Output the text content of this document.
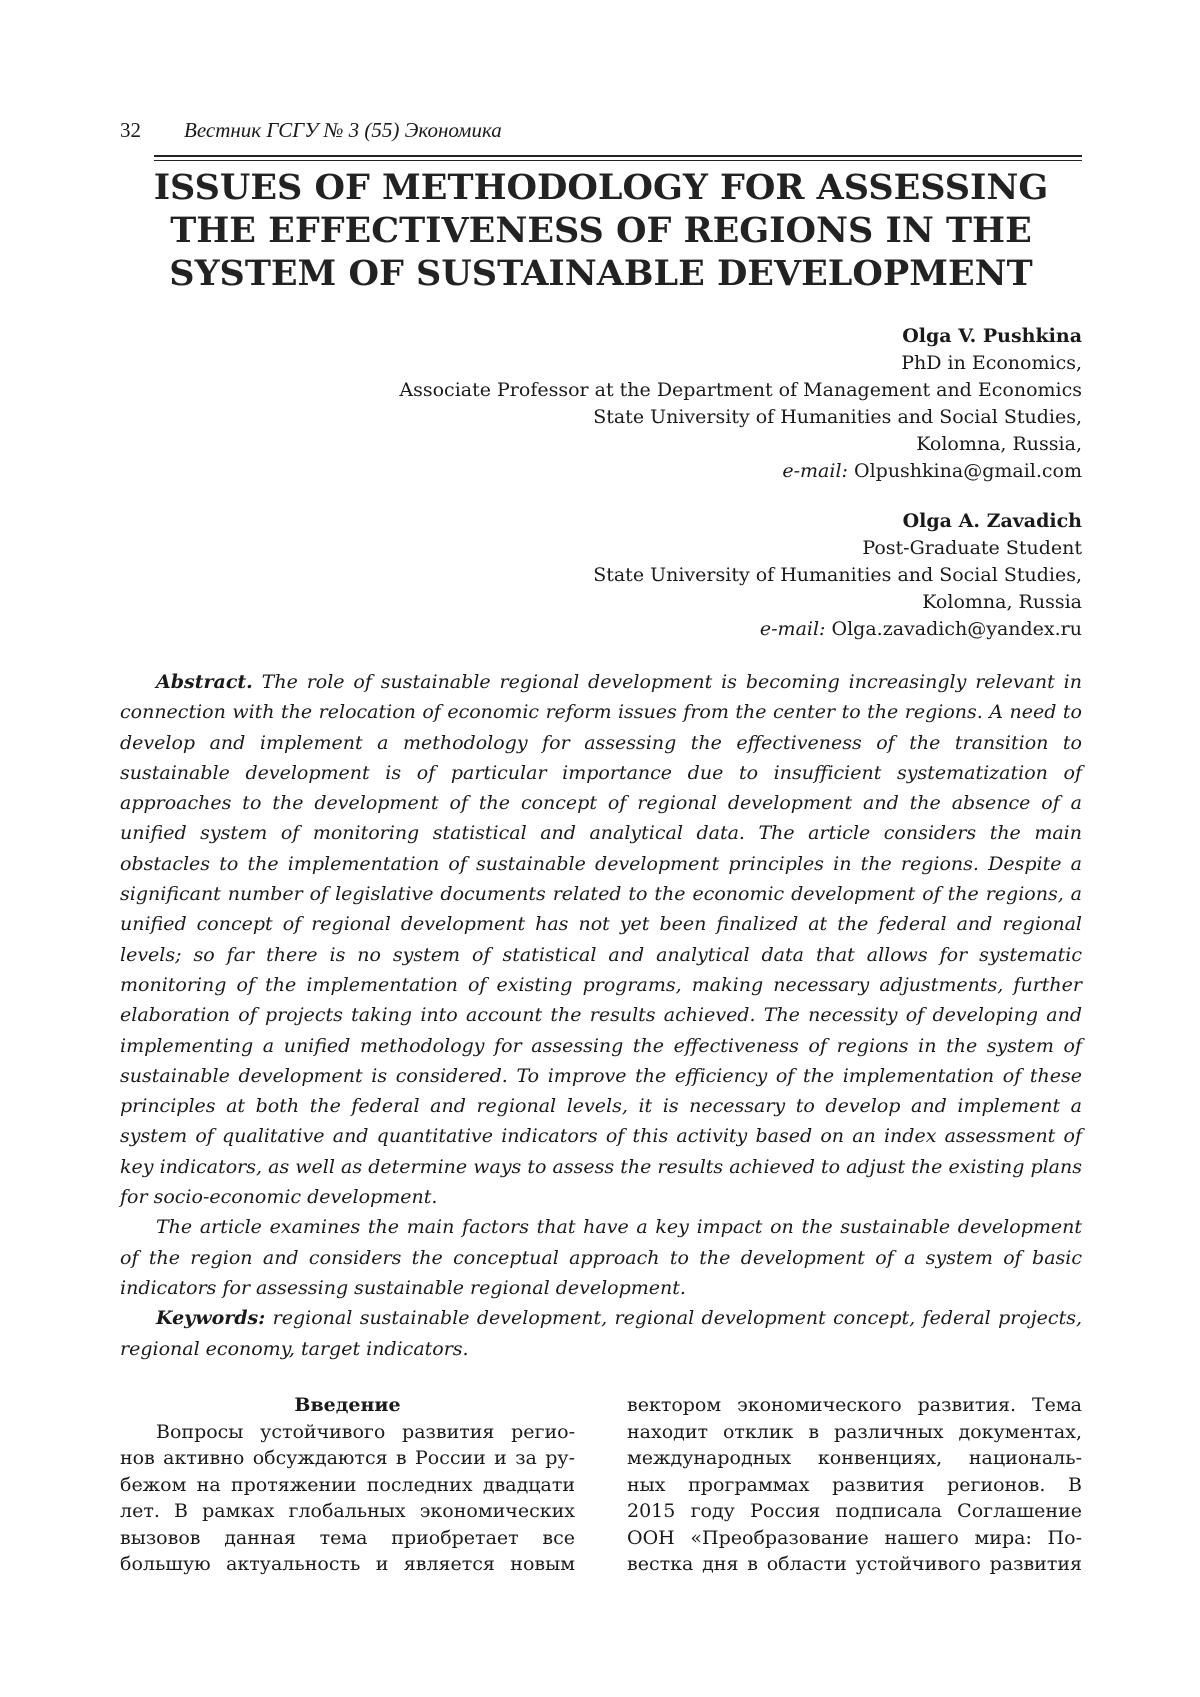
32 Вестник ГСГУ № 3 (55) Экономика
ISSUES OF METHODOLOGY FOR ASSESSING
THE EFFECTIVENESS OF REGIONS IN THE
SYSTEM OF SUSTAINABLE DEVELOPMENT
Olga V. Pushkina
PhD in Economics,
Associate Professor at the Department of Management and Economics
State University of Humanities and Social Studies,
Kolomna, Russia,
e-mail: Olpushkina@gmail.com
Olga A. Zavadich
Post-Graduate Student
State University of Humanities and Social Studies,
Kolomna, Russia
e-mail: Olga.zavadich@yandex.ru

Abstract. The role of sustainable regional development is becoming increasingly relevant in connection with the relocation of economic reform issues from the center to the regions. A need to develop and implement a methodology for assessing the effectiveness of the transition to sustainable development is of particular importance due to insufficient systematization of approaches to the development of the concept of regional development and the absence of a unified system of monitoring statistical and analytical data. The article considers the main obstacles to the implementation of sustainable development principles in the regions. Despite a significant number of legislative documents related to the economic development of the regions, a unified concept of regional development has not yet been finalized at the federal and regional levels; so far there is no system of statistical and analytical data that allows for systematic monitoring of the implementation of existing programs, making necessary adjustments, further elaboration of projects taking into account the results achieved. The necessity of developing and implementing a unified methodology for assessing the effectiveness of regions in the system of sustainable development is considered. To improve the efficiency of the implementation of these principles at both the federal and regional levels, it is necessary to develop and implement a system of qualitative and quantitative indicators of this activity based on an index assessment of key indicators, as well as determine ways to assess the results achieved to adjust the existing plans for socio-economic development.

The article examines the main factors that have a key impact on the sustainable development of the region and considers the conceptual approach to the development of a system of basic indicators for assessing sustainable regional development.

Keywords: regional sustainable development, regional development concept, federal projects, regional economy, target indicators.

Введение
Вопросы устойчивого развития регио-
нов активно обсуждаются в России и за ру-
бежом на протяжении последних двадцати
лет. В рамках глобальных экономических
вызовов данная тема приобретает все
большую актуальность и является новым
вектором экономического развития. Тема
находит отклик в различных документах,
международных конвенциях, националь-
ных программах развития регионов. В
2015 году Россия подписала Соглашение
ООН «Преобразование нашего мира: По-
вестка дня в области устойчивого развития
